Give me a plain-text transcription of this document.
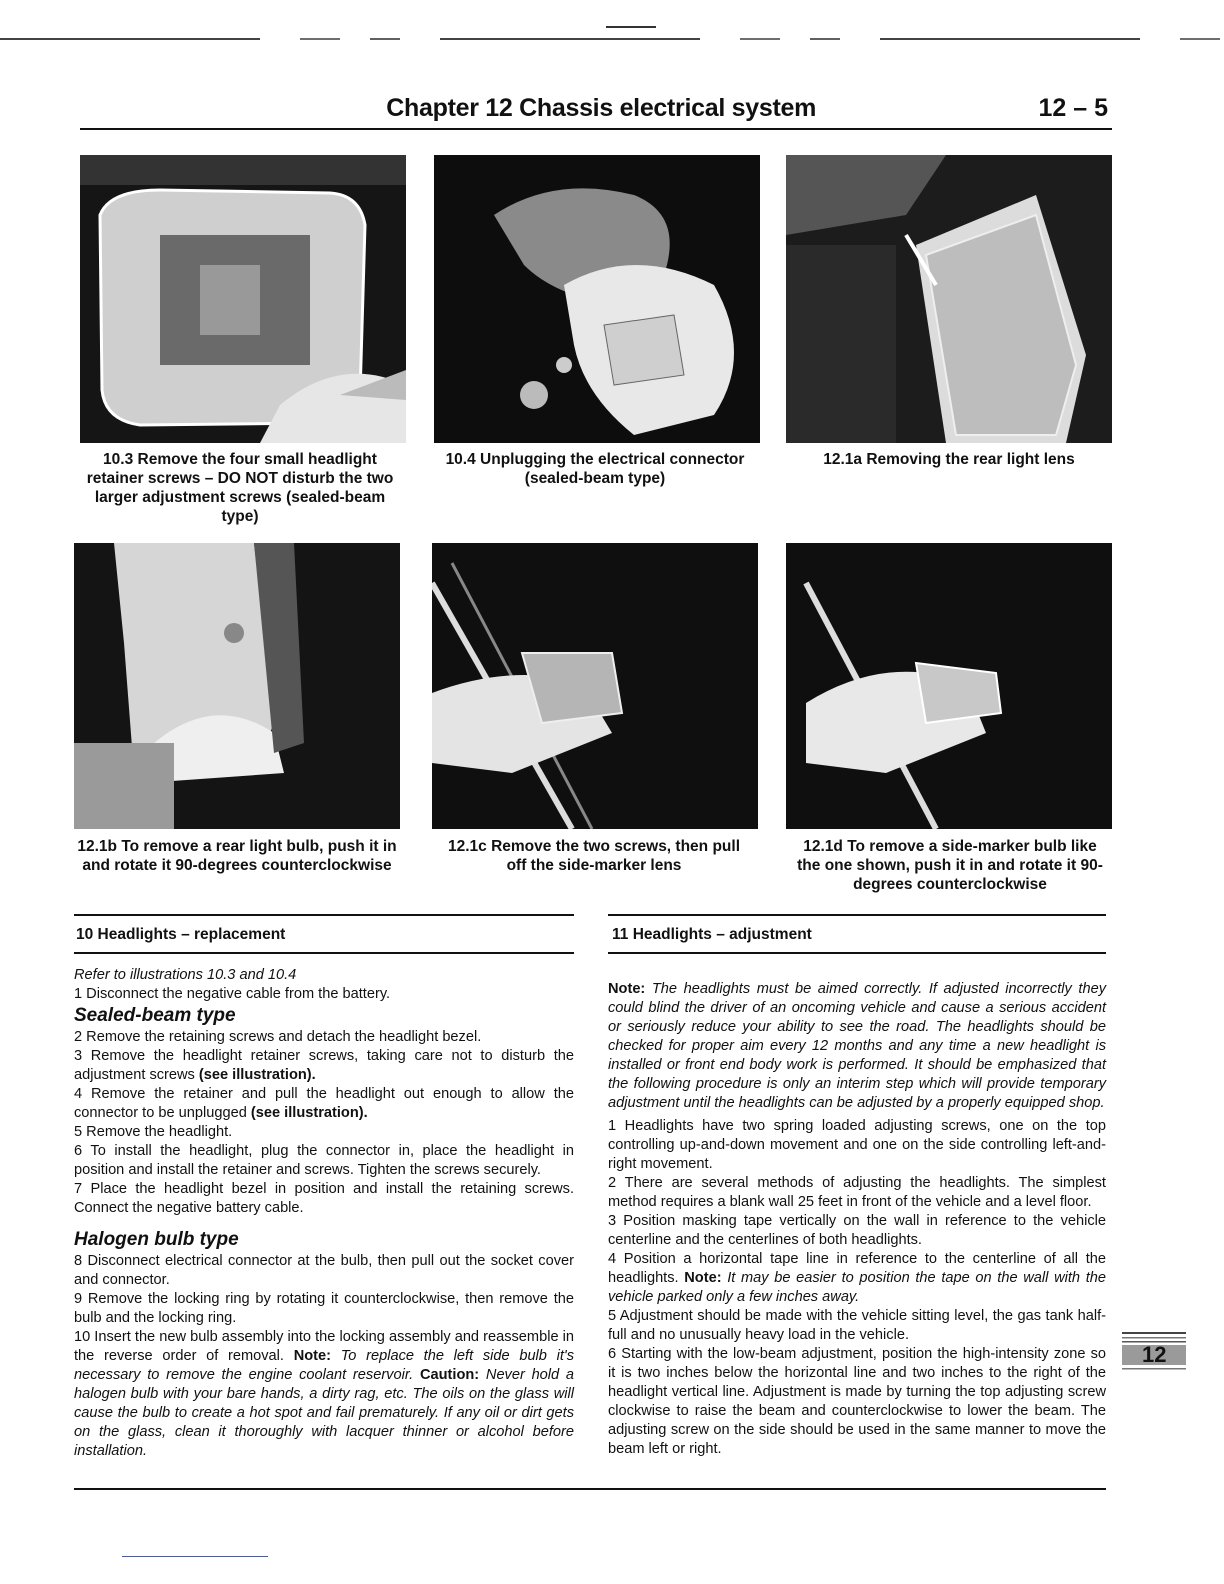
Chapter 12 Chassis electrical system	12 – 5
10.3 Remove the four small headlight retainer screws – DO NOT disturb the two larger adjustment screws (sealed-beam type)
10.4 Unplugging the electrical connector (sealed-beam type)
12.1a Removing the rear light lens
12.1b To remove a rear light bulb, push it in and rotate it 90-degrees counterclockwise
12.1c Remove the two screws, then pull off the side-marker lens
12.1d To remove a side-marker bulb like the one shown, push it in and rotate it 90-degrees counterclockwise
10 Headlights – replacement	11 Headlights – adjustment

Refer to illustrations 10.3 and 10.4

1 Disconnect the negative cable from the battery.

Sealed-beam type

2 Remove the retaining screws and detach the headlight bezel.

3 Remove the headlight retainer screws, taking care not to disturb the adjustment screws (see illustration).

4 Remove the retainer and pull the headlight out enough to allow the connector to be unplugged (see illustration).

5 Remove the headlight.

6 To install the headlight, plug the connector in, place the headlight in position and install the retainer and screws. Tighten the screws securely.

7 Place the headlight bezel in position and install the retaining screws. Connect the negative battery cable.

Halogen bulb type

8 Disconnect electrical connector at the bulb, then pull out the socket cover and connector.

9 Remove the locking ring by rotating it counterclockwise, then remove the bulb and the locking ring.

10 Insert the new bulb assembly into the locking assembly and reassemble in the reverse order of removal. Note: To replace the left side bulb it's necessary to remove the engine coolant reservoir. Caution: Never hold a halogen bulb with your bare hands, a dirty rag, etc. The oils on the glass will cause the bulb to create a hot spot and fail prematurely. If any oil or dirt gets on the glass, clean it thoroughly with lacquer thinner or alcohol before installation.

Note: The headlights must be aimed correctly. If adjusted incorrectly they could blind the driver of an oncoming vehicle and cause a serious accident or seriously reduce your ability to see the road. The headlights should be checked for proper aim every 12 months and any time a new headlight is installed or front end body work is performed. It should be emphasized that the following procedure is only an interim step which will provide temporary adjustment until the headlights can be adjusted by a properly equipped shop.

1 Headlights have two spring loaded adjusting screws, one on the top controlling up-and-down movement and one on the side controlling left-and-right movement.

2 There are several methods of adjusting the headlights. The simplest method requires a blank wall 25 feet in front of the vehicle and a level floor.

3 Position masking tape vertically on the wall in reference to the vehicle centerline and the centerlines of both headlights.

4 Position a horizontal tape line in reference to the centerline of all the headlights. Note: It may be easier to position the tape on the wall with the vehicle parked only a few inches away.

5 Adjustment should be made with the vehicle sitting level, the gas tank half-full and no unusually heavy load in the vehicle.

6 Starting with the low-beam adjustment, position the high-intensity zone so it is two inches below the horizontal line and two inches to the right of the headlight vertical line. Adjustment is made by turning the top adjusting screw clockwise to raise the beam and counterclockwise to lower the beam. The adjusting screw on the side should be used in the same manner to move the beam left or right.

12
